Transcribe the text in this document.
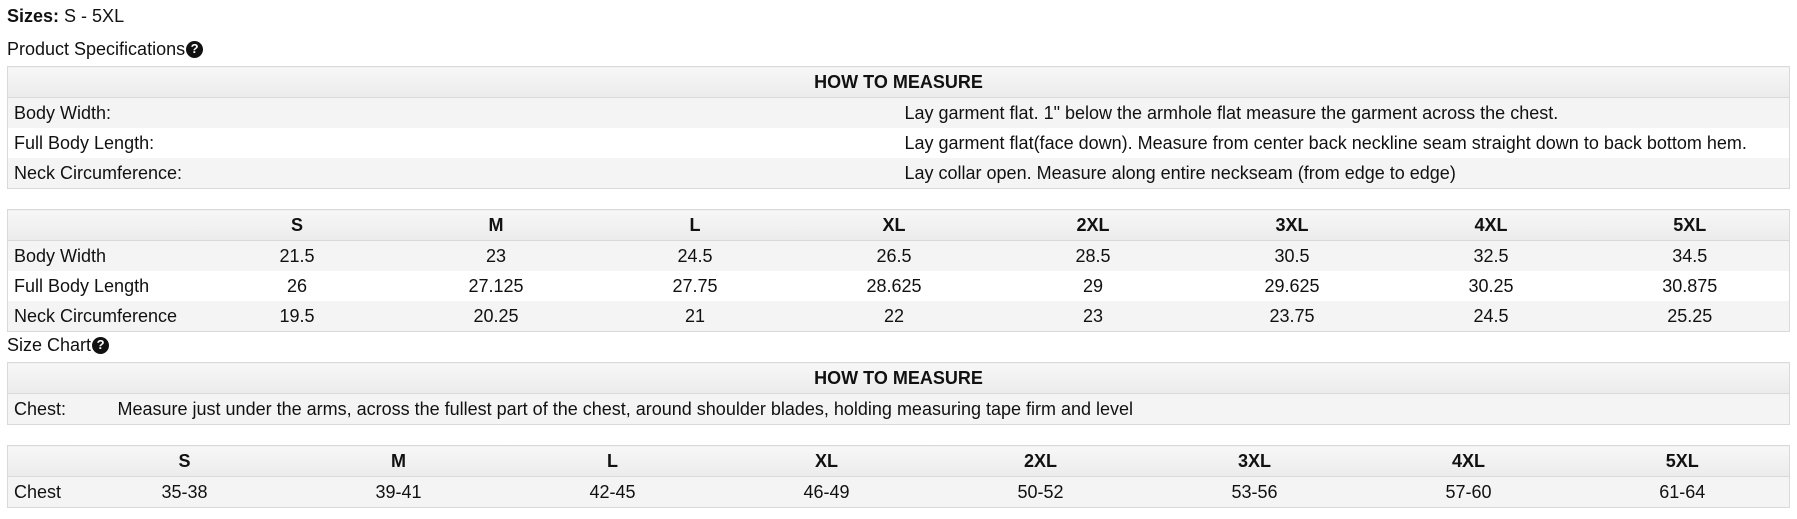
Sizes: S - 5XL
Product Specifications ?
HOW TO MEASURE	
Body Width:	Lay garment flat. 1" below the armhole flat measure the garment across the chest.
Full Body Length:	Lay garment flat(face down). Measure from center back neckline seam straight down to back bottom hem.
Neck Circumference:	Lay collar open. Measure along entire neckseam (from edge to edge)
	S	M	L	XL	2XL	3XL	4XL	5XL
Body Width	21.5	23	24.5	26.5	28.5	30.5	32.5	34.5
Full Body Length	26	27.125	27.75	28.625	29	29.625	30.25	30.875
Neck Circumference	19.5	20.25	21	22	23	23.75	24.5	25.25
Size Chart ?
HOW TO MEASURE
Chest:	Measure just under the arms, across the fullest part of the chest, around shoulder blades, holding measuring tape firm and level
	S	M	L	XL	2XL	3XL	4XL	5XL
Chest	35-38	39-41	42-45	46-49	50-52	53-56	57-60	61-64
